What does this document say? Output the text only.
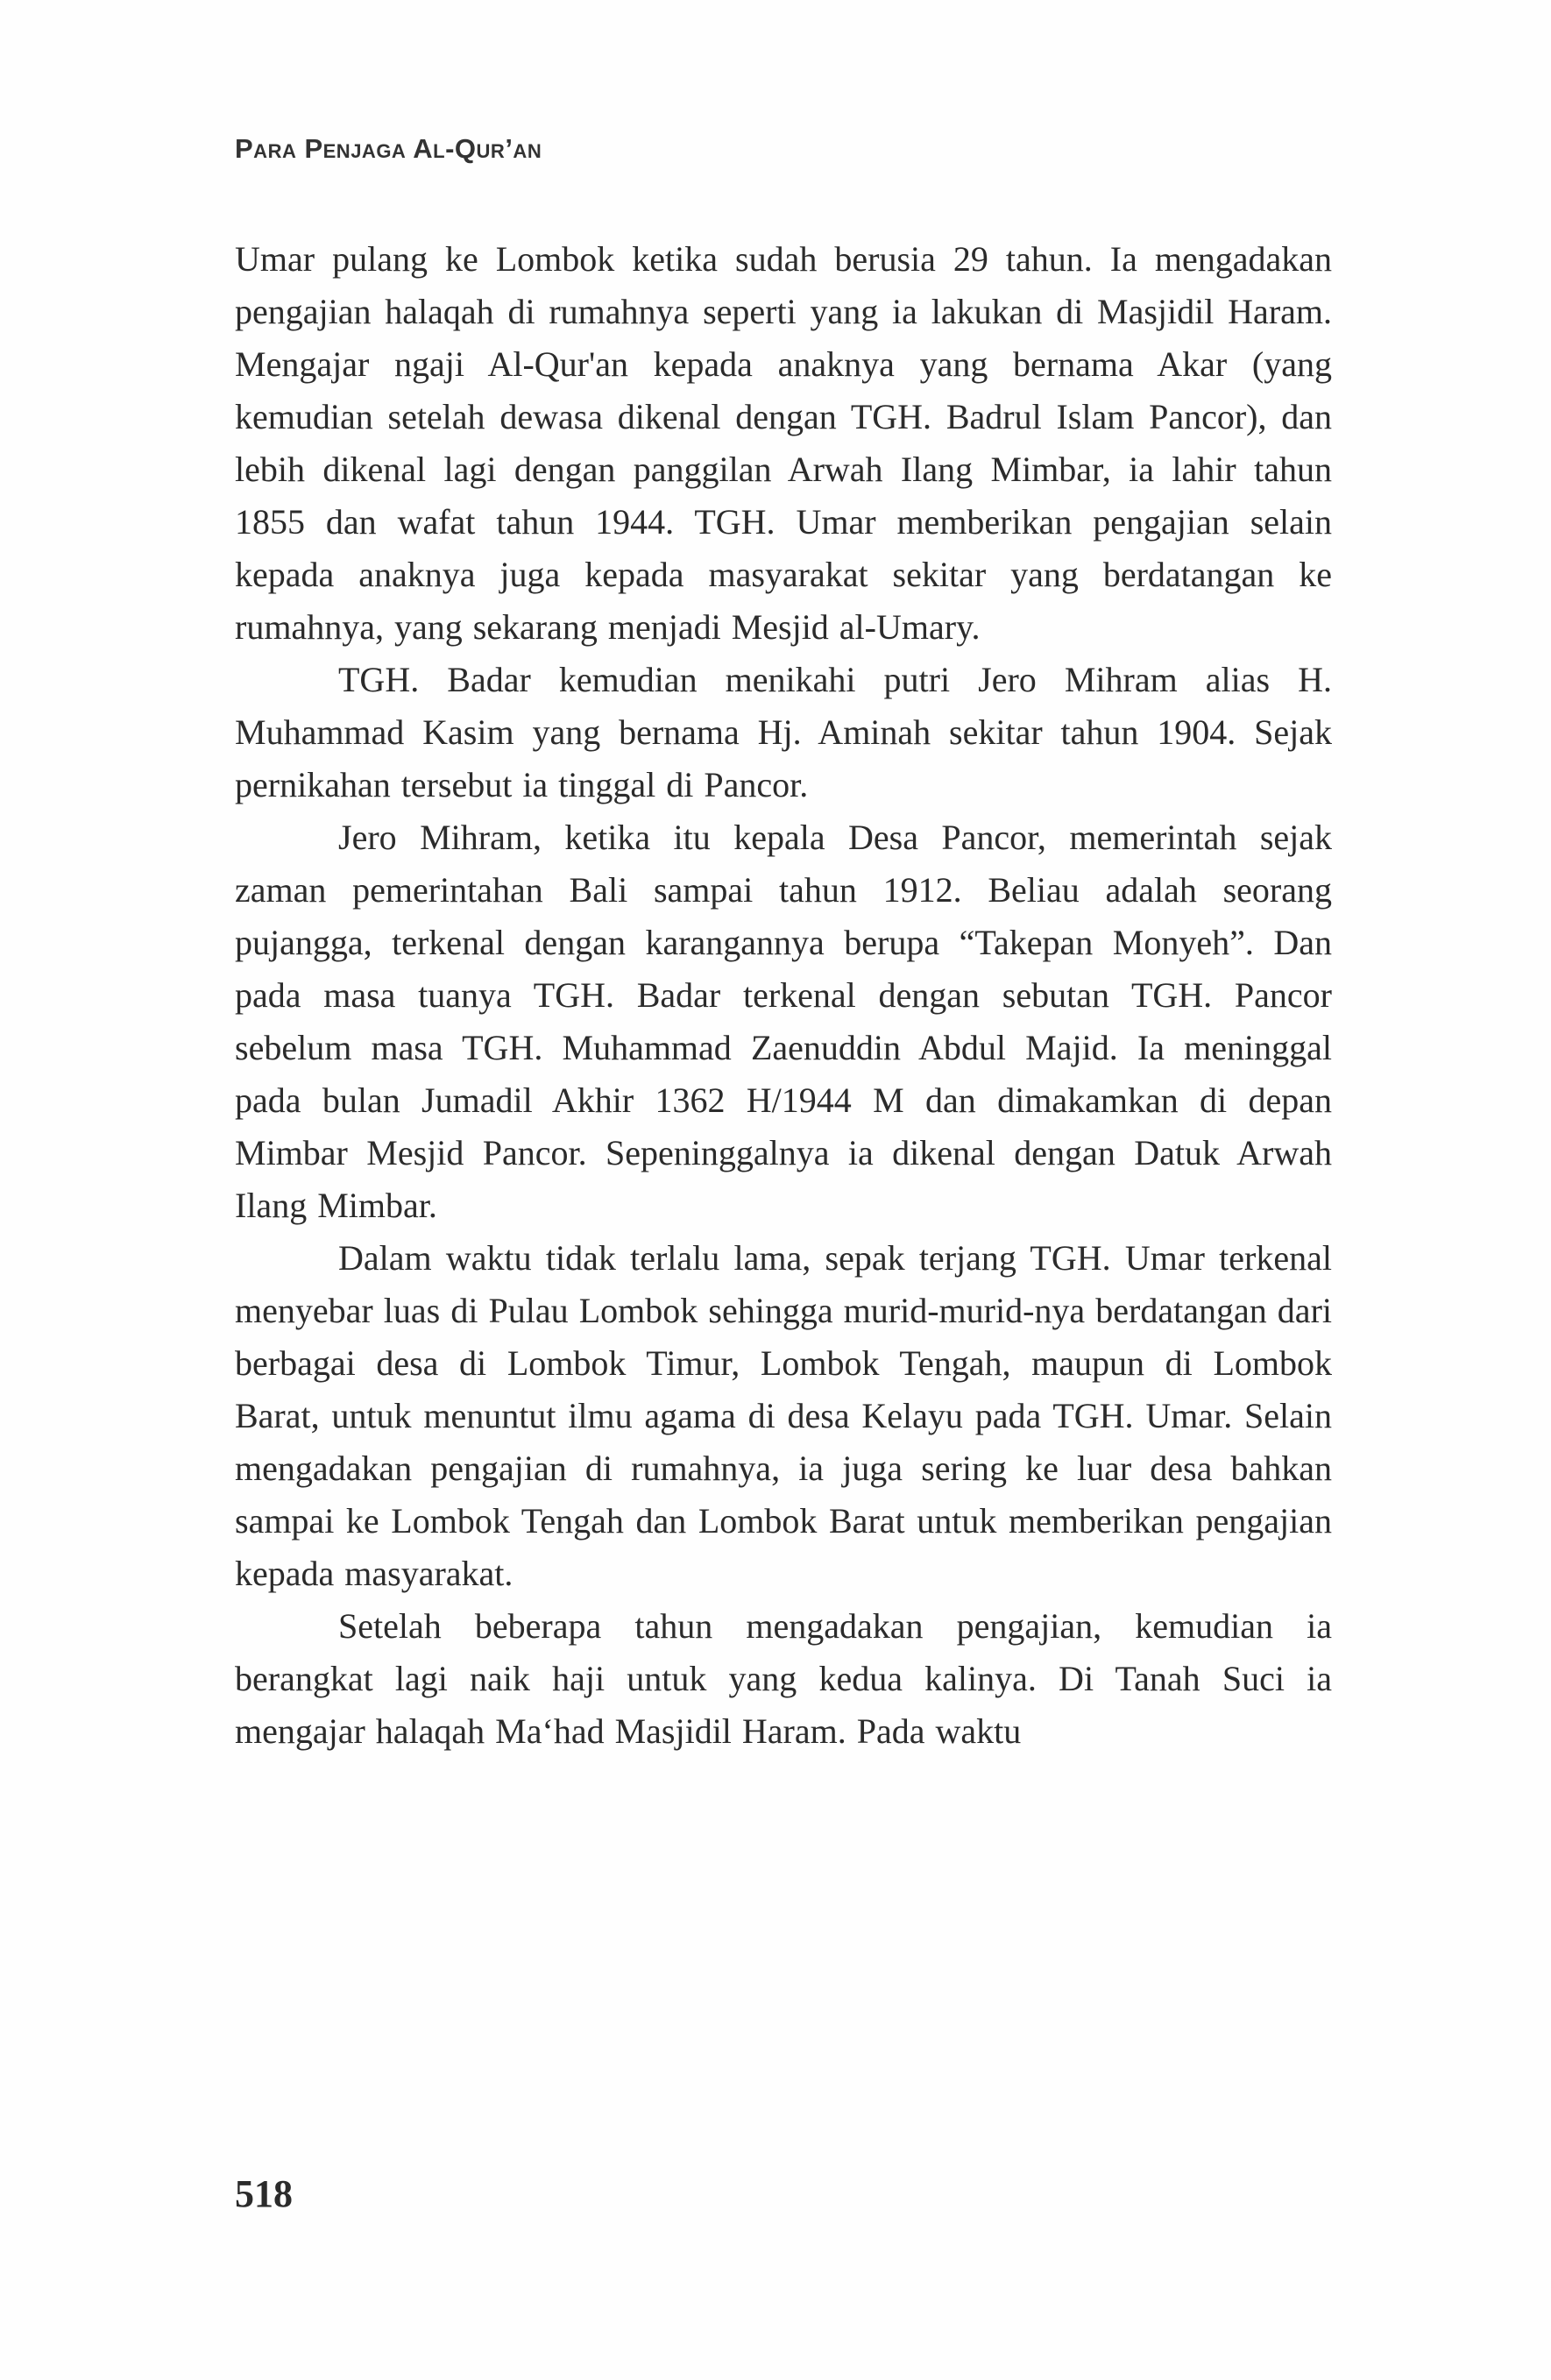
Para Penjaga Al-Qur’an

Umar pulang ke Lombok ketika sudah berusia 29 tahun. Ia mengadakan pengajian halaqah di rumahnya seperti yang ia lakukan di Masjidil Haram. Mengajar ngaji Al-Qur'an kepada anaknya yang bernama Akar (yang kemudian setelah dewasa dikenal dengan TGH. Badrul Islam Pancor), dan lebih dikenal lagi dengan panggilan Arwah Ilang Mimbar, ia lahir tahun 1855 dan wafat tahun 1944. TGH. Umar memberikan pengajian selain kepada anaknya juga kepada masyarakat sekitar yang berdatangan ke rumahnya, yang sekarang menjadi Mesjid al-Umary.

TGH. Badar kemudian menikahi putri Jero Mihram alias H. Muhammad Kasim yang bernama Hj. Aminah sekitar tahun 1904. Sejak pernikahan tersebut ia tinggal di Pancor.

Jero Mihram, ketika itu kepala Desa Pancor, memerintah sejak zaman pemerintahan Bali sampai tahun 1912. Beliau adalah seorang pujangga, terkenal dengan karangannya berupa “Takepan Monyeh”. Dan pada masa tuanya TGH. Badar terkenal dengan sebutan TGH. Pancor sebelum masa TGH. Muhammad Zaenuddin Abdul Majid. Ia meninggal pada bulan Jumadil Akhir 1362 H/1944 M dan dimakamkan di depan Mimbar Mesjid Pancor. Sepeninggalnya ia dikenal dengan Datuk Arwah Ilang Mimbar.

Dalam waktu tidak terlalu lama, sepak terjang TGH. Umar terkenal menyebar luas di Pulau Lombok sehingga murid-murid-nya berdatangan dari berbagai desa di Lombok Timur, Lombok Tengah, maupun di Lombok Barat, untuk menuntut ilmu agama di desa Kelayu pada TGH. Umar. Selain mengadakan pengajian di rumahnya, ia juga sering ke luar desa bahkan sampai ke Lombok Tengah dan Lombok Barat untuk memberikan pengajian kepada masyarakat.

Setelah beberapa tahun mengadakan pengajian, kemudian ia berangkat lagi naik haji untuk yang kedua kalinya. Di Tanah Suci ia mengajar halaqah Ma‘had Masjidil Haram. Pada waktu

518
